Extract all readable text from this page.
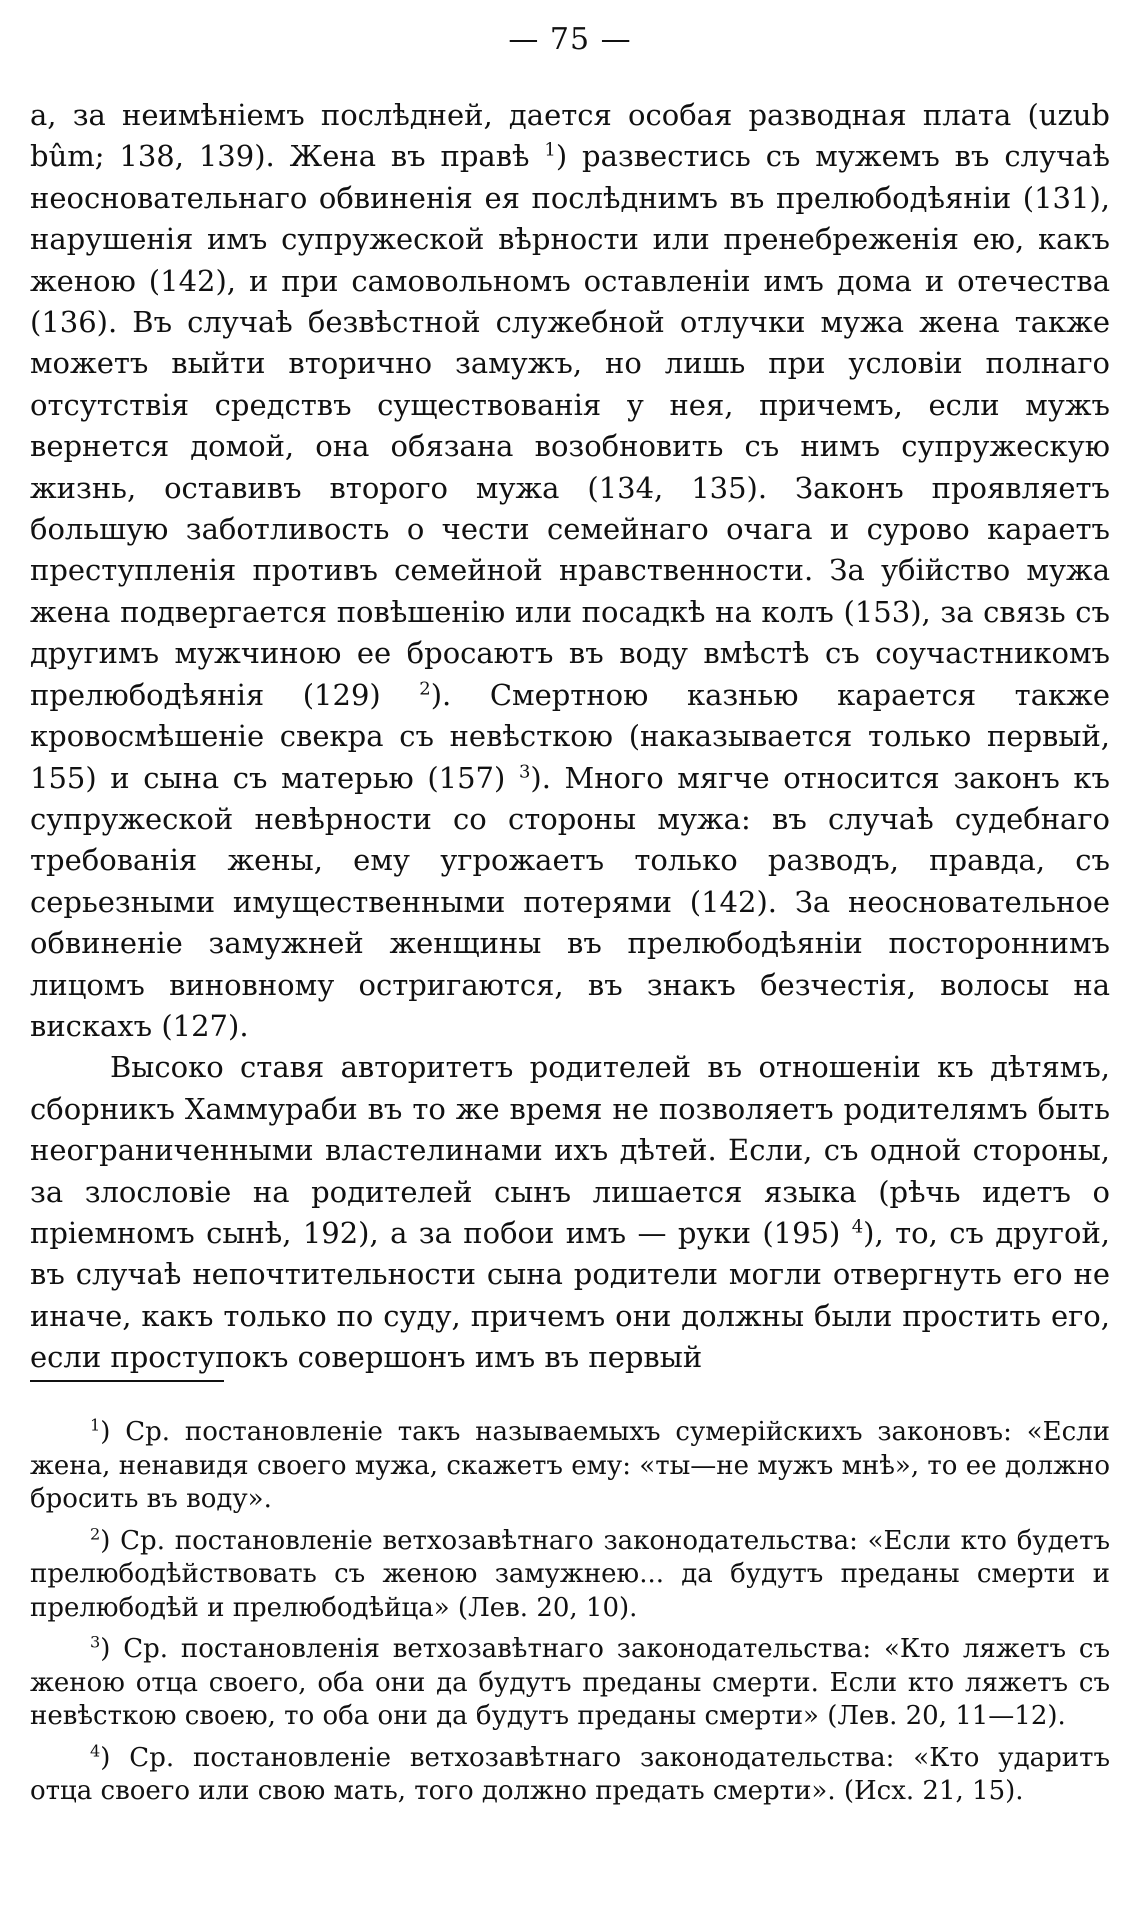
— 75 —

а, за неимѣніемъ послѣдней, дается особая разводная плата (uzub bûm; 138, 139). Жена въ правѣ $^1$) развестись съ мужемъ въ случаѣ неосновательнаго обвиненія ея послѣднимъ въ прелюбодѣяніи (131), нарушенія имъ супружеской вѣрности или пренебреженія ею, какъ женою (142), и при самовольномъ оставленіи имъ дома и отечества (136). Въ случаѣ безвѣстной служебной отлучки мужа жена также можетъ выйти вторично замужъ, но лишь при условіи полнаго отсутствія средствъ существованія у нея, причемъ, если мужъ вернется домой, она обязана возобновить съ нимъ супружескую жизнь, оставивъ второго мужа (134, 135). Законъ проявляетъ большую заботливость о чести семейнаго очага и сурово караетъ преступленія противъ семейной нравственности. За убійство мужа жена подвергается повѣшенію или посадкѣ на колъ (153), за связь съ другимъ мужчиною ее бросаютъ въ воду вмѣстѣ съ соучастникомъ прелюбодѣянія (129) $^2$). Смертною казнью карается также кровосмѣшеніе свекра съ невѣсткою (наказывается только первый, 155) и сына съ матерью (157) $^3$). Много мягче относится законъ къ супружеской невѣрности со стороны мужа: въ случаѣ судебнаго требованія жены, ему угрожаетъ только разводъ, правда, съ серьезными имущественными потерями (142). За неосновательное обвиненіе замужней женщины въ прелюбодѣяніи постороннимъ лицомъ виновному остригаются, въ знакъ безчестія, волосы на вискахъ (127).

Высоко ставя авторитетъ родителей въ отношеніи къ дѣтямъ, сборникъ Хаммураби въ то же время не позволяетъ родителямъ быть неограниченными властелинами ихъ дѣтей. Если, съ одной стороны, за злословіе на родителей сынъ лишается языка (рѣчь идетъ о пріемномъ сынѣ, 192), а за побои имъ — руки (195) $^4$), то, съ другой, въ случаѣ непочтительности сына родители могли отвергнуть его не иначе, какъ только по суду, причемъ они должны были простить его, если проступокъ совершонъ имъ въ первый

$^1$) Ср. постановленіе такъ называемыхъ сумерійскихъ законовъ: «Если жена, ненавидя своего мужа, скажетъ ему: «ты—не мужъ мнѣ», то ее должно бросить въ воду».

$^2$) Ср. постановленіе ветхозавѣтнаго законодательства: «Если кто будетъ прелюбодѣйствовать съ женою замужнею... да будутъ преданы смерти и прелюбодѣй и прелюбодѣйца» (Лев. 20, 10).

$^3$) Ср. постановленія ветхозавѣтнаго законодательства: «Кто ляжетъ съ женою отца своего, оба они да будутъ преданы смерти. Если кто ляжетъ съ невѣсткою своею, то оба они да будутъ преданы смерти» (Лев. 20, 11—12).

$^4$) Ср. постановленіе ветхозавѣтнаго законодательства: «Кто ударитъ отца своего или свою мать, того должно предать смерти». (Исх. 21, 15).
